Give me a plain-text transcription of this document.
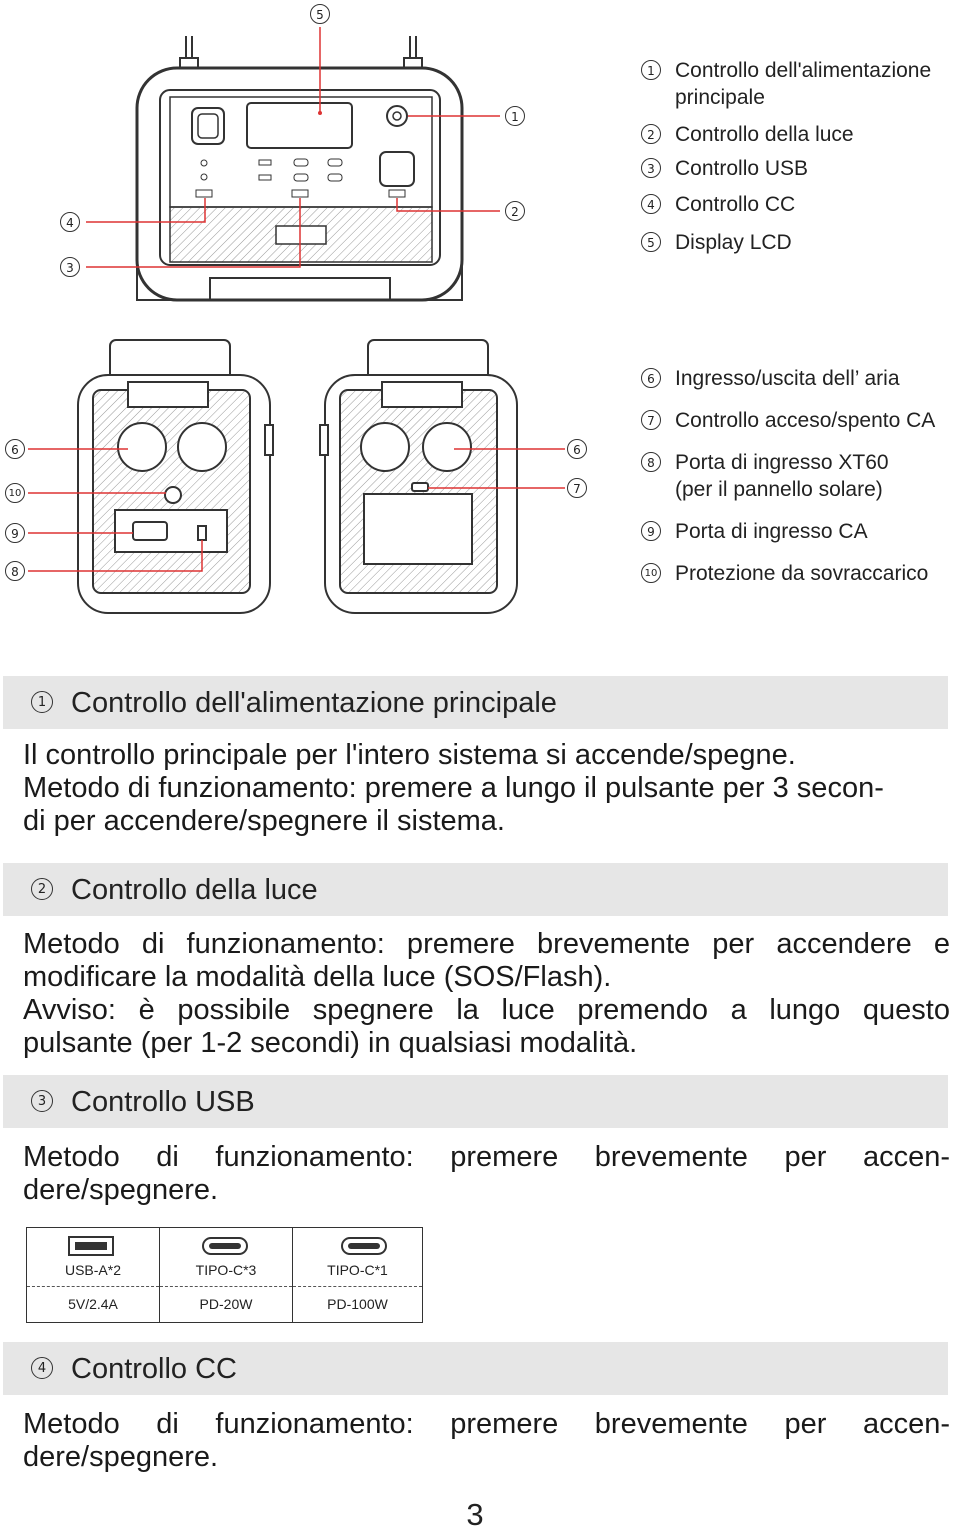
5
1
2
4
3
1 Controllo dell'alimentazione
principale
2 Controllo della luce
3 Controllo USB
4 Controllo CC
5 Display LCD
6
10
9
8
6
7
6 Ingresso/uscita dell’ aria
7 Controllo acceso/spento CA
8 Porta di ingresso XT60
(per il pannello solare)
9 Porta di ingresso CA
10 Protezione da sovraccarico
1 Controllo dell'alimentazione principale
Il controllo principale per l'intero sistema si accende/spegne.
Metodo di funzionamento: premere a lungo il pulsante per 3 secon-
di per accendere/spegnere il sistema.
2 Controllo della luce
Metodo di funzionamento: premere brevemente per accendere e
modificare la modalità della luce (SOS/Flash).
Avviso: è possibile spegnere la luce premendo a lungo questo
pulsante (per 1-2 secondi) in qualsiasi modalità.
3 Controllo USB
Metodo di funzionamento: premere brevemente per accen-
dere/spegnere.
USB-A*2
5V/2.4A
TIPO-C*3
PD-20W
TIPO-C*1
PD-100W
4 Controllo CC
Metodo di funzionamento: premere brevemente per accen-
dere/spegnere.
3
